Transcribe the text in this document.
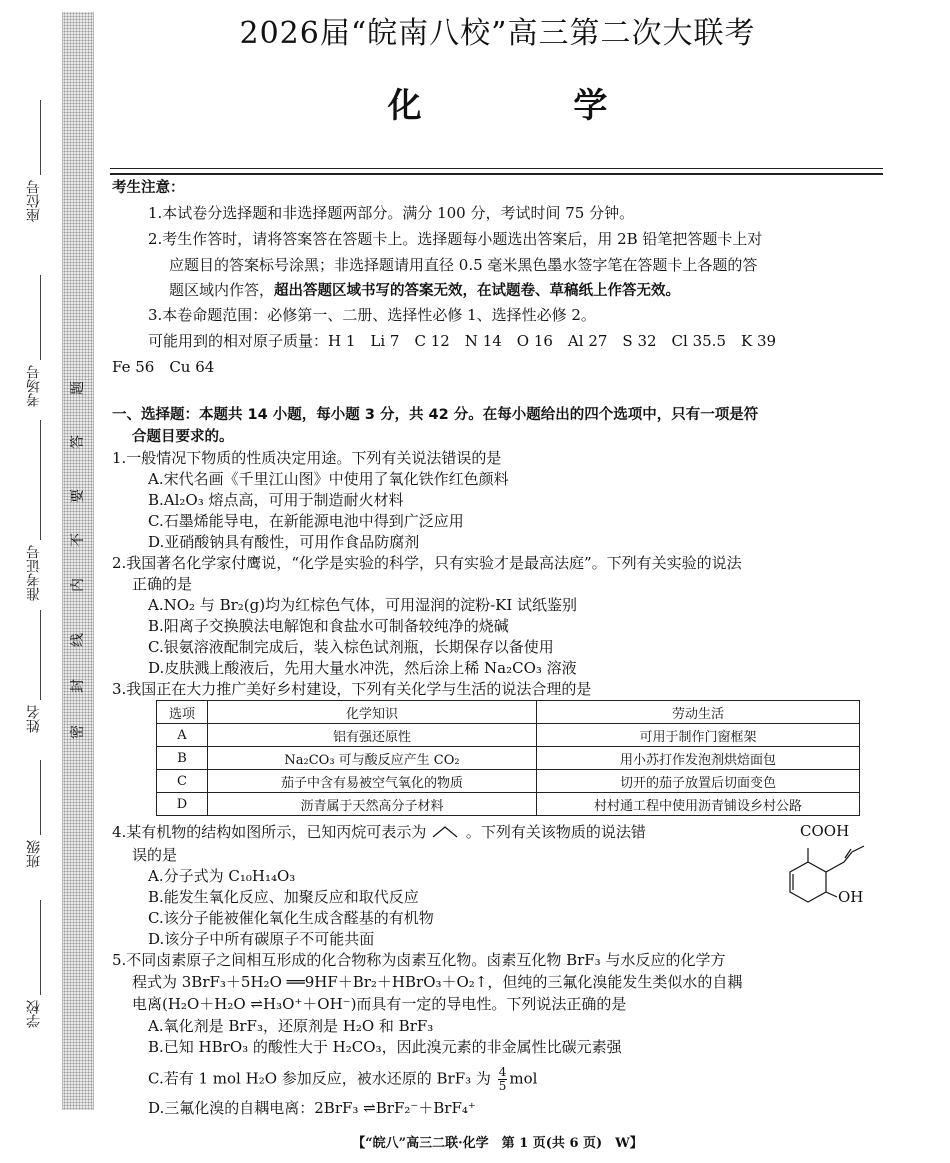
座位号
考场号
准考证号
姓名
班级
学校
题
答
要
不
内
线
封
密
2026届“皖南八校”高三第二次大联考
化 学
考生注意：
1.本试卷分选择题和非选择题两部分。满分 100 分，考试时间 75 分钟。
2.考生作答时，请将答案答在答题卡上。选择题每小题选出答案后，用 2B 铅笔把答题卡上对
应题目的答案标号涂黑；非选择题请用直径 0.5 毫米黑色墨水签字笔在答题卡上各题的答
题区域内作答，超出答题区域书写的答案无效，在试题卷、草稿纸上作答无效。
3.本卷命题范围：必修第一、二册、选择性必修 1、选择性必修 2。
可能用到的相对原子质量：H 1　Li 7　C 12　N 14　O 16　Al 27　S 32　Cl 35.5　K 39
Fe 56　Cu 64
一、选择题：本题共 14 小题，每小题 3 分，共 42 分。在每小题给出的四个选项中，只有一项是符
合题目要求的。
1.一般情况下物质的性质决定用途。下列有关说法错误的是
A.宋代名画《千里江山图》中使用了氧化铁作红色颜料
B.Al₂O₃ 熔点高，可用于制造耐火材料
C.石墨烯能导电，在新能源电池中得到广泛应用
D.亚硝酸钠具有酸性，可用作食品防腐剂
2.我国著名化学家付鹰说，“化学是实验的科学，只有实验才是最高法庭”。下列有关实验的说法
正确的是
A.NO₂ 与 Br₂(g)均为红棕色气体，可用湿润的淀粉-KI 试纸鉴别
B.阳离子交换膜法电解饱和食盐水可制备较纯净的烧碱
C.银氨溶液配制完成后，装入棕色试剂瓶，长期保存以备使用
D.皮肤溅上酸液后，先用大量水冲洗，然后涂上稀 Na₂CO₃ 溶液
3.我国正在大力推广美好乡村建设，下列有关化学与生活的说法合理的是
选项	化学知识	劳动生活
A	铝有强还原性	可用于制作门窗框架
B	Na₂CO₃ 可与酸反应产生 CO₂	用小苏打作发泡剂烘焙面包
C	茄子中含有易被空气氧化的物质	切开的茄子放置后切面变色
D	沥青属于天然高分子材料	村村通工程中使用沥青铺设乡村公路
4.某有机物的结构如图所示，已知丙烷可表示为	。下列有关该物质的说法错
误的是
A.分子式为 C₁₀H₁₄O₃
B.能发生氧化反应、加聚反应和取代反应
C.该分子能被催化氧化生成含醛基的有机物
D.该分子中所有碳原子不可能共面
COOH
OH
5.不同卤素原子之间相互形成的化合物称为卤素互化物。卤素互化物 BrF₃ 与水反应的化学方
程式为 3BrF₃＋5H₂O ══9HF＋Br₂＋HBrO₃＋O₂↑，但纯的三氟化溴能发生类似水的自耦
电离(H₂O＋H₂O ⇌H₃O⁺＋OH⁻)而具有一定的导电性。下列说法正确的是
A.氧化剂是 BrF₃，还原剂是 H₂O 和 BrF₃
B.已知 HBrO₃ 的酸性大于 H₂CO₃，因此溴元素的非金属性比碳元素强
C.若有 1 mol H₂O 参加反应，被水还原的 BrF₃ 为 $\frac{4}{5}$ mol
D.三氟化溴的自耦电离：2BrF₃ ⇌BrF₂⁻＋BrF₄⁺
【“皖八”高三二联·化学　第 1 页(共 6 页)　W】
